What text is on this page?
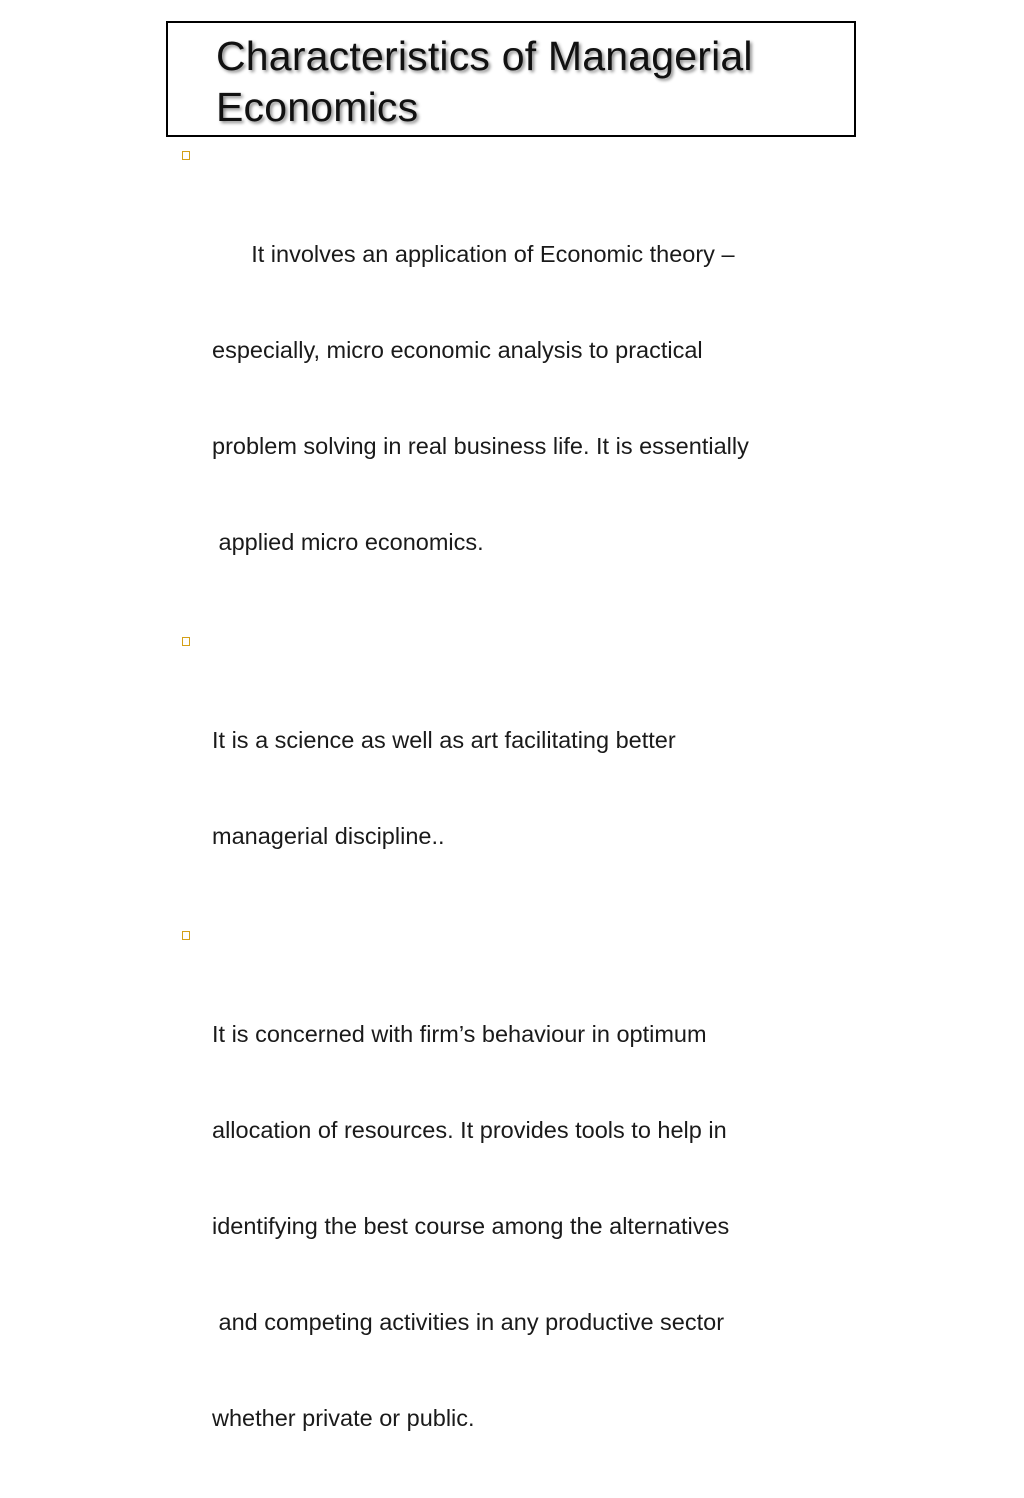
Characteristics of Managerial
Economics

It involves an application of Economic theory –

especially, micro economic analysis to practical

problem solving in real business life. It is essentially

applied micro economics.

It is a science as well as art facilitating better

managerial discipline..

It is concerned with firm’s behaviour in optimum

allocation of resources. It provides tools to help in

identifying the best course among the alternatives

and competing activities in any productive sector

whether private or public.
